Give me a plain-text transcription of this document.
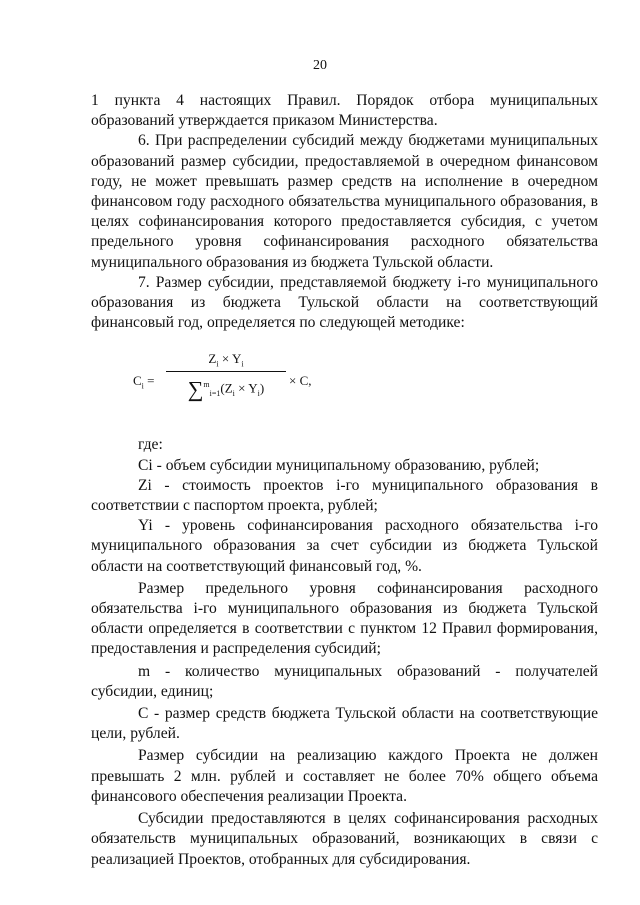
20

1 пункта 4 настоящих Правил. Порядок отбора муниципальных образований утверждается приказом Министерства.

6. При распределении субсидий между бюджетами муниципальных образований размер субсидии, предоставляемой в очередном финансовом году, не может превышать размер средств на исполнение в очередном финансовом году расходного обязательства муниципального образования, в целях софинансирования которого предоставляется субсидия, с учетом предельного уровня софинансирования расходного обязательства муниципального образования из бюджета Тульской области.

7. Размер субсидии, представляемой бюджету i-го муниципального образования из бюджета Тульской области на соответствующий финансовый год, определяется по следующей методике:

$C_i$ =
$Z_i \times Y_i$
$\sum^m_{i=1}(Z_i \times Y_i)$	× C,

где:

Ci - объем субсидии муниципальному образованию, рублей;

Zi - стоимость проектов i-го муниципального образования в соответствии с паспортом проекта, рублей;

Yi - уровень софинансирования расходного обязательства i-го муниципального образования за счет субсидии из бюджета Тульской области на соответствующий финансовый год, %.

Размер предельного уровня софинансирования расходного обязательства i-го муниципального образования из бюджета Тульской области определяется в соответствии с пунктом 12 Правил формирования, предоставления и распределения субсидий;

m - количество муниципальных образований - получателей субсидии, единиц;

C - размер средств бюджета Тульской области на соответствующие цели, рублей.

Размер субсидии на реализацию каждого Проекта не должен превышать 2 млн. рублей и составляет не более 70% общего объема финансового обеспечения реализации Проекта.

Субсидии предоставляются в целях софинансирования расходных обязательств муниципальных образований, возникающих в связи с реализацией Проектов, отобранных для субсидирования.
